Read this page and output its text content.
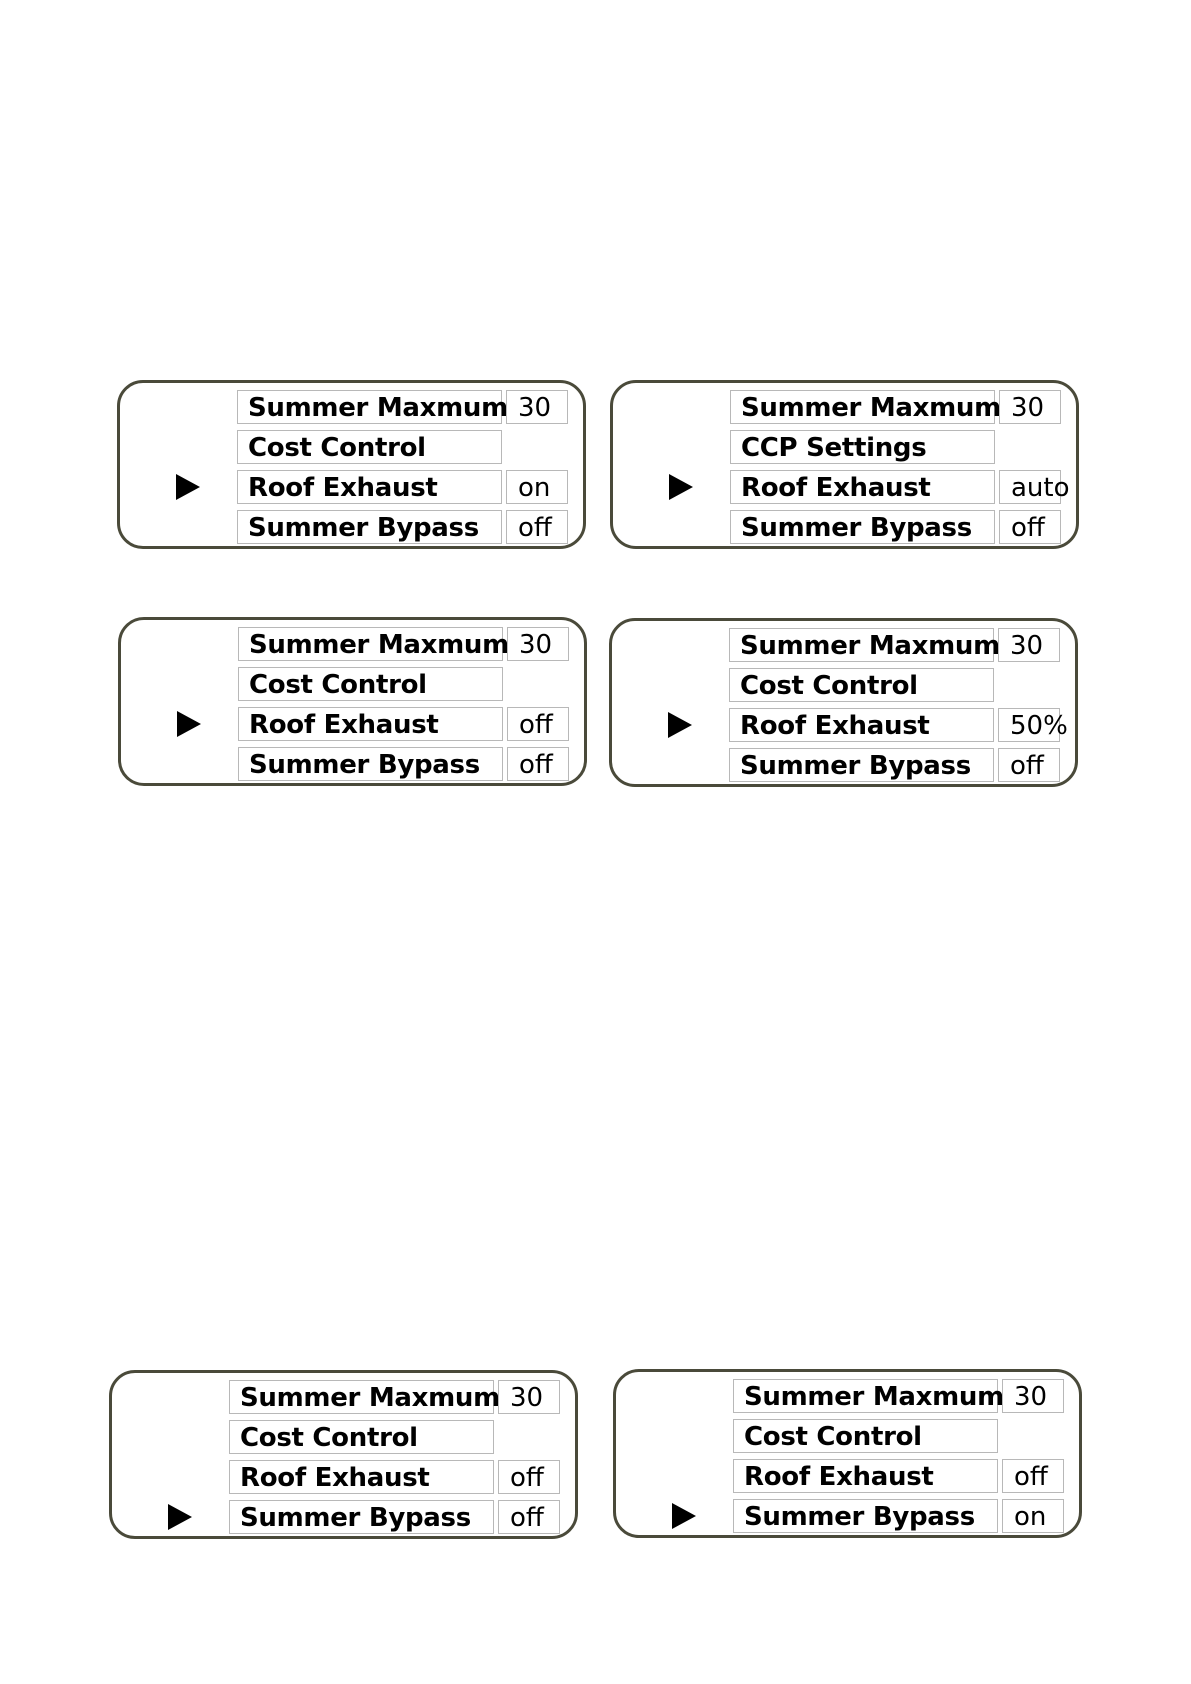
Summer Maxmum 30
Cost Control
Roof Exhaust	on
Summer Bypass	off
Summer Maxmum 30
CCP Settings
Roof Exhaust	auto
Summer Bypass	off
Summer Maxmum 30
Cost Control
Roof Exhaust	off
Summer Bypass	off
Summer Maxmum 30
Cost Control
Roof Exhaust	50%
Summer Bypass	off
Summer Maxmum 30
Cost Control
Roof Exhaust	off
Summer Bypass	off
Summer Maxmum 30
Cost Control
Roof Exhaust	off
Summer Bypass	on
